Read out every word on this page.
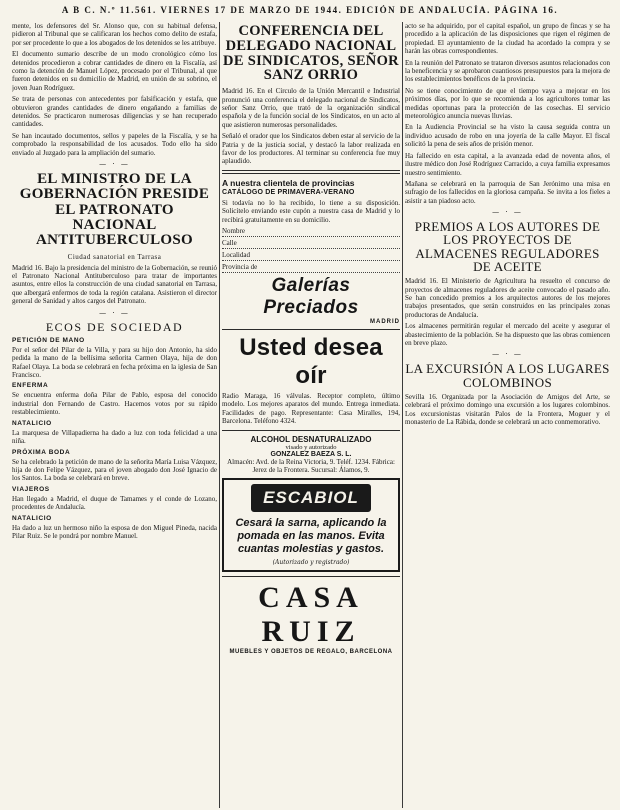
A B C. N.º 11.561. VIERNES 17 DE MARZO DE 1944. EDICIÓN DE ANDALUCÍA. PÁGINA 16.

mente, los defensores del Sr. Alonso que, con su habitual defensa, pidieron al Tribunal que se calificaran los hechos como delito de estafa, por ser procedente lo que a los abogados de los detenidos se les atribuye.

El documento sumario describe de un modo cronológico cómo los detenidos procedieron a cobrar cantidades de dinero en la Fiscalía, así como la detención de Manuel López, procesado por el Tribunal, al que fueron detenidos en su domicilio de Madrid, en unión de su sobrino, el joven Juan Rodríguez.

Se trata de personas con antecedentes por falsificación y estafa, que obtuvieron grandes cantidades de dinero engañando a familias de detenidos. Se practicaron numerosas diligencias y se han recuperado cantidades.

Se han incautado documentos, sellos y papeles de la Fiscalía, y se ha comprobado la responsabilidad de los acusados. Todo ello ha sido enviado al Juzgado para la ampliación del sumario.

— · —
EL MINISTRO DE LA GOBERNACIÓN PRESIDE EL PATRONATO NACIONAL ANTITUBERCULOSO
Ciudad sanatorial en Tarrasa

Madrid 16. Bajo la presidencia del ministro de la Gobernación, se reunió el Patronato Nacional Antituberculoso para tratar de importantes asuntos, entre ellos la construcción de una ciudad sanatorial en Tarrasa, que albergará enfermos de toda la región catalana. Asistieron el director general de Sanidad y altos cargos del Patronato.

— · —
ECOS DE SOCIEDAD
PETICIÓN DE MANO

Por el señor del Pilar de la Villa, y para su hijo don Antonio, ha sido pedida la mano de la bellísima señorita Carmen Olaya, hija de don Rafael Olaya. La boda se celebrará en fecha próxima en la iglesia de San Francisco.

ENFERMA

Se encuentra enferma doña Pilar de Pablo, esposa del conocido industrial don Fernando de Castro. Hacemos votos por su rápido restablecimiento.

NATALICIO

La marquesa de Villapadierna ha dado a luz con toda felicidad a una niña.

PRÓXIMA BODA

Se ha celebrado la petición de mano de la señorita María Luisa Vázquez, hija de don Felipe Vázquez, para el joven abogado don José Ignacio de los Santos. La boda se celebrará en breve.

VIAJEROS

Han llegado a Madrid, el duque de Tamames y el conde de Lozano, procedentes de Andalucía.

NATALICIO

Ha dado a luz un hermoso niño la esposa de don Miguel Pineda, nacida Pilar Ruiz. Se le pondrá por nombre Manuel.

CONFERENCIA DEL DELEGADO NACIONAL DE SINDICATOS, SEÑOR SANZ ORRIO

Madrid 16. En el Círculo de la Unión Mercantil e Industrial pronunció una conferencia el delegado nacional de Sindicatos, señor Sanz Orrio, que trató de la organización sindical española y de la función social de los Sindicatos, en un acto al que asistieron numerosas personalidades.

Señaló el orador que los Sindicatos deben estar al servicio de la Patria y de la justicia social, y destacó la labor realizada en favor de los productores. Al terminar su conferencia fue muy aplaudido.

A nuestra clientela de provincias
CATÁLOGO DE PRIMAVERA-VERANO

Si todavía no lo ha recibido, lo tiene a su disposición. Solicítelo enviando este cupón a nuestra casa de Madrid y lo recibirá gratuitamente en su domicilio.

Nombre
Calle
Localidad
Provincia de
Galerías Preciados
MADRID
Usted desea oír

Radio Maraga, 16 válvulas. Receptor completo, último modelo. Los mejores aparatos del mundo. Entrega inmediata. Facilidades de pago. Representante: Casa Miralles, 194, Barcelona. Teléfono 4324.

ALCOHOL DESNATURALIZADO
visado y autorizado
GONZALEZ BAEZA S. L.

Almacén: Avd. de la Reina Victoria, 9. Teléf. 1234. Fábrica: Jerez de la Frontera. Sucursal: Álamos, 9.

ESCABIOL
Cesará la sarna, aplicando la pomada en las manos. Evita cuantas molestias y gastos.
(Autorizado y registrado)
CASA RUIZ
MUEBLES Y OBJETOS DE REGALO, BARCELONA

acto se ha adquirido, por el capital español, un grupo de fincas y se ha procedido a la aplicación de las disposiciones que rigen el régimen de propiedad. El ayuntamiento de la ciudad ha acordado la compra y se harán las obras correspondientes.

En la reunión del Patronato se trataron diversos asuntos relacionados con la beneficencia y se aprobaron cuantiosos presupuestos para la mejora de los establecimientos benéficos de la provincia.

No se tiene conocimiento de que el tiempo vaya a mejorar en los próximos días, por lo que se recomienda a los agricultores tomar las medidas oportunas para la protección de las cosechas. El servicio meteorológico anuncia nuevas lluvias.

En la Audiencia Provincial se ha visto la causa seguida contra un individuo acusado de robo en una joyería de la calle Mayor. El fiscal solicitó la pena de seis años de prisión menor.

Ha fallecido en esta capital, a la avanzada edad de noventa años, el ilustre médico don José Rodríguez Carracido, a cuya familia expresamos nuestro sentimiento.

Mañana se celebrará en la parroquia de San Jerónimo una misa en sufragio de los fallecidos en la gloriosa campaña. Se invita a los fieles a asistir a tan piadoso acto.

— · —
PREMIOS A LOS AUTORES DE LOS PROYECTOS DE ALMACENES REGULADORES DE ACEITE

Madrid 16. El Ministerio de Agricultura ha resuelto el concurso de proyectos de almacenes reguladores de aceite convocado el pasado año. Se han concedido premios a los arquitectos autores de los mejores trabajos presentados, que serán construidos en las principales zonas productoras de Andalucía.

Los almacenes permitirán regular el mercado del aceite y asegurar el abastecimiento de la población. Se ha dispuesto que las obras comiencen en breve plazo.

— · —
LA EXCURSIÓN A LOS LUGARES COLOMBINOS

Sevilla 16. Organizada por la Asociación de Amigos del Arte, se celebrará el próximo domingo una excursión a los lugares colombinos. Los excursionistas visitarán Palos de la Frontera, Moguer y el monasterio de La Rábida, donde se celebrará un acto conmemorativo.
